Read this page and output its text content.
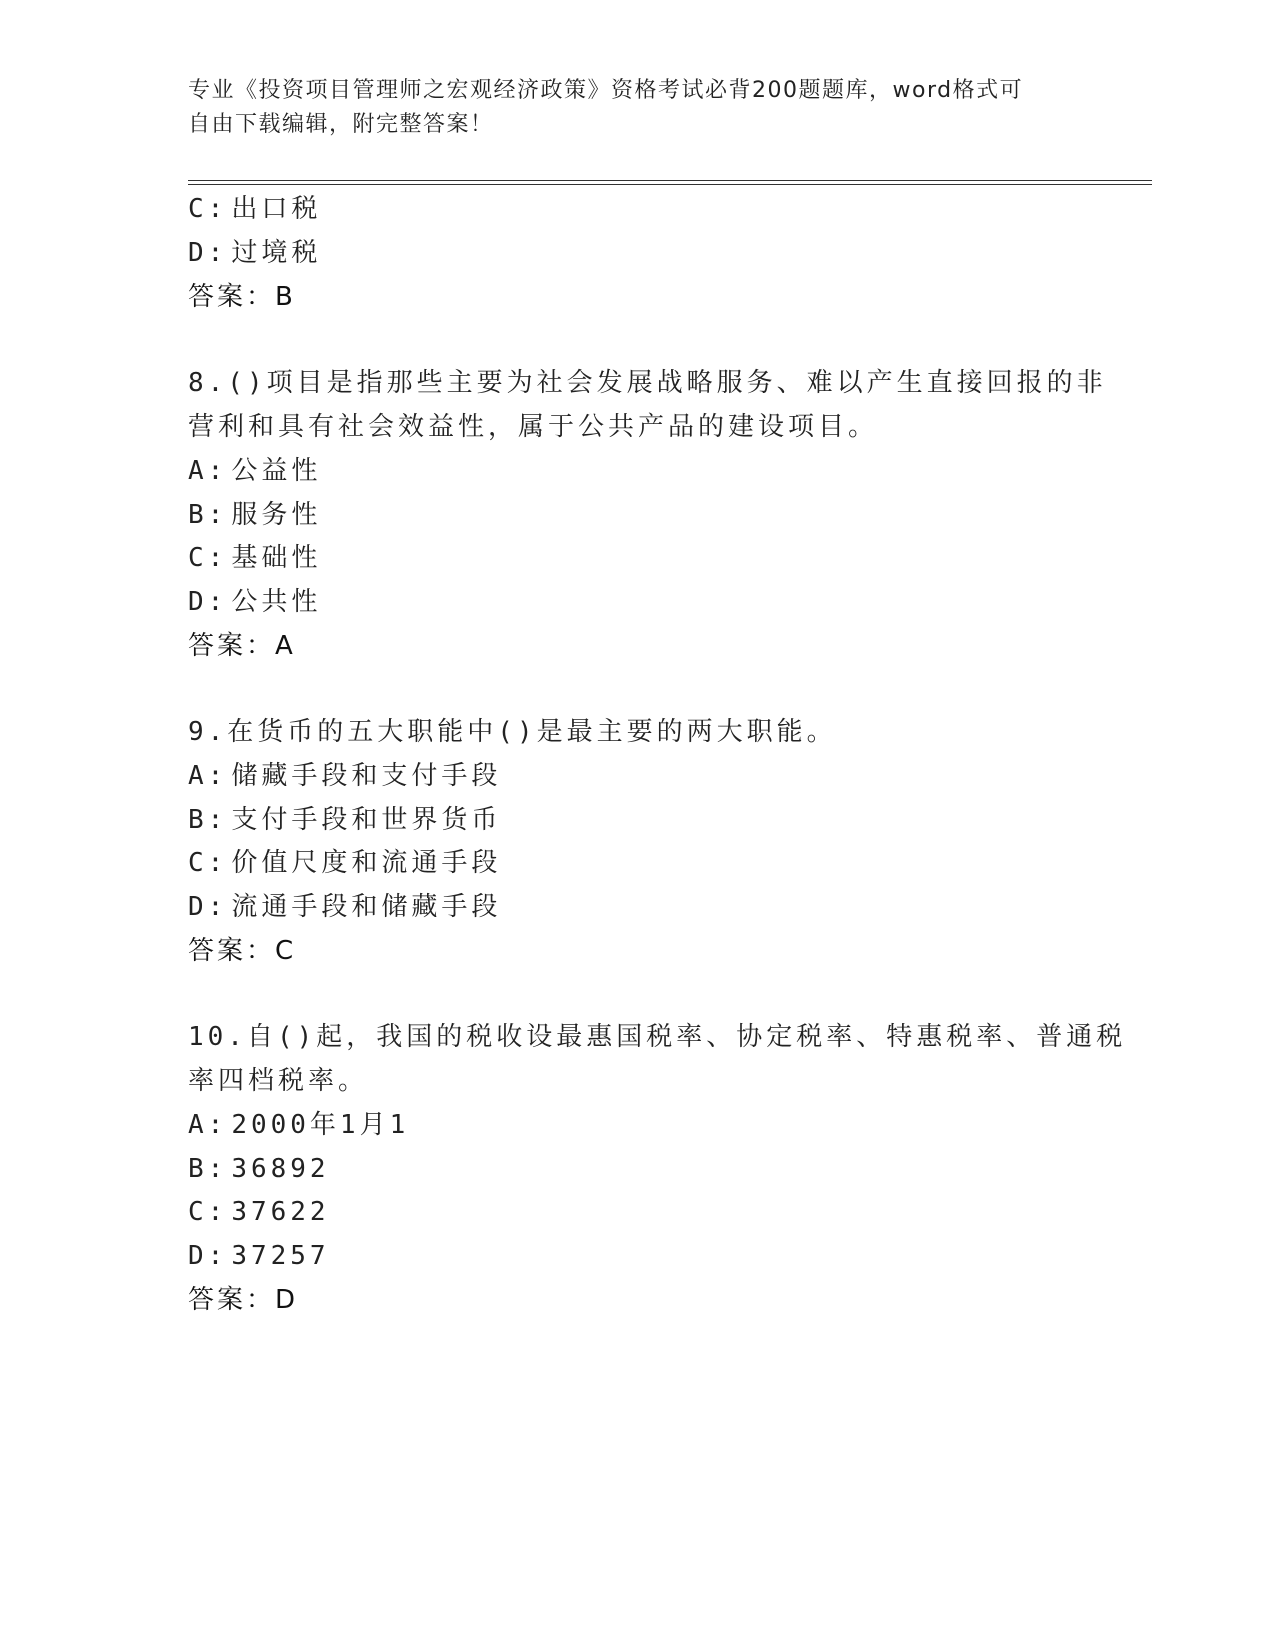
专业《投资项目管理师之宏观经济政策》资格考试必背200题题库，word格式可
自由下载编辑，附完整答案！
C: 出口税
D: 过境税
答案：B
8.()项目是指那些主要为社会发展战略服务、难以产生直接回报的非
营利和具有社会效益性，属于公共产品的建设项目。
A: 公益性
B: 服务性
C: 基础性
D: 公共性
答案：A
9.在货币的五大职能中()是最主要的两大职能。
A: 储藏手段和支付手段
B: 支付手段和世界货币
C: 价值尺度和流通手段
D: 流通手段和储藏手段
答案：C
10.自()起，我国的税收设最惠国税率、协定税率、特惠税率、普通税
率四档税率。
A: 2000年1月1
B: 36892
C: 37622
D: 37257
答案：D
